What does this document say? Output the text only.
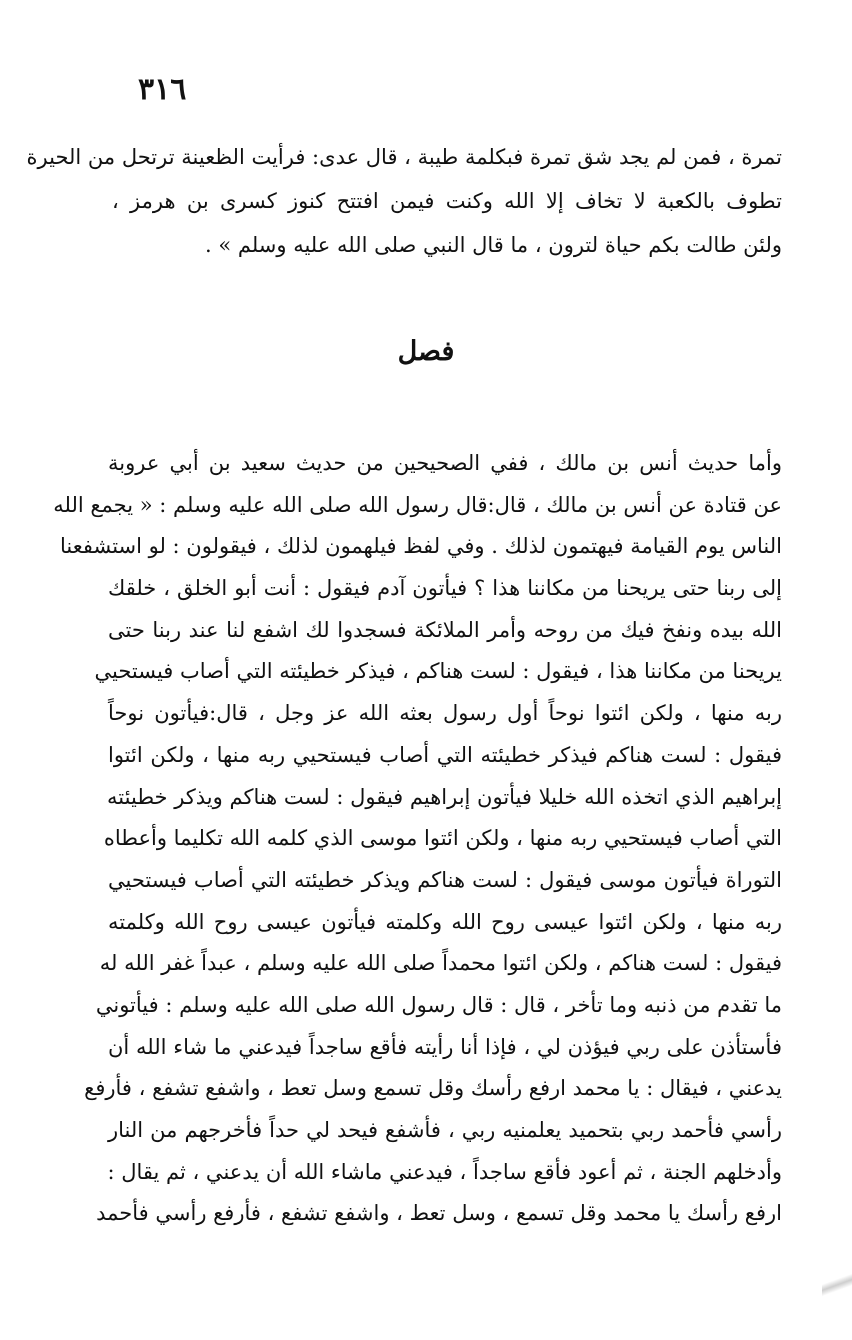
٣١٦
تمرة ، فمن لم يجد شق تمرة فبكلمة طيبة ، قال عدى: فرأيت الظعينة ترتحل من الحيرة
تطوف بالكعبة لا تخاف إلا الله وكنت فيمن افتتح كنوز كسرى بن هرمز ،
ولئن طالت بكم حياة لترون ، ما قال النبي صلى الله عليه وسلم » .
فصل
وأما حديث أنس بن مالك ، ففي الصحيحين من حديث سعيد بن أبي عروبة
عن قتادة عن أنس بن مالك ، قال:قال رسول الله صلى الله عليه وسلم : « يجمع الله
الناس يوم القيامة فيهتمون لذلك . وفي لفظ فيلهمون لذلك ، فيقولون : لو استشفعنا
إلى ربنا حتى يريحنا من مكاننا هذا ؟ فيأتون آدم فيقول : أنت أبو الخلق ، خلقك
الله بيده ونفخ فيك من روحه وأمر الملائكة فسجدوا لك اشفع لنا عند ربنا حتى
يريحنا من مكاننا هذا ، فيقول : لست هناكم ، فيذكر خطيئته التي أصاب فيستحيي
ربه منها ، ولكن ائتوا نوحاً أول رسول بعثه الله عز وجل ، قال:فيأتون نوحاً
فيقول : لست هناكم فيذكر خطيئته التي أصاب فيستحيي ربه منها ، ولكن ائتوا
إبراهيم الذي اتخذه الله خليلا فيأتون إبراهيم فيقول : لست هناكم ويذكر خطيئته
التي أصاب فيستحيي ربه منها ، ولكن ائتوا موسى الذي كلمه الله تكليما وأعطاه
التوراة فيأتون موسى فيقول : لست هناكم ويذكر خطيئته التي أصاب فيستحيي
ربه منها ، ولكن ائتوا عيسى روح الله وكلمته فيأتون عيسى روح الله وكلمته
فيقول : لست هناكم ، ولكن ائتوا محمداً صلى الله عليه وسلم ، عبداً غفر الله له
ما تقدم من ذنبه وما تأخر ، قال : قال رسول الله صلى الله عليه وسلم : فيأتوني
فأستأذن على ربي فيؤذن لي ، فإذا أنا رأيته فأقع ساجداً فيدعني ما شاء الله أن
يدعني ، فيقال : يا محمد ارفع رأسك وقل تسمع وسل تعط ، واشفع تشفع ، فأرفع
رأسي فأحمد ربي بتحميد يعلمنيه ربي ، فأشفع فيحد لي حداً فأخرجهم من النار
وأدخلهم الجنة ، ثم أعود فأقع ساجداً ، فيدعني ماشاء الله أن يدعني ، ثم يقال :
ارفع رأسك يا محمد وقل تسمع ، وسل تعط ، واشفع تشفع ، فأرفع رأسي فأحمد
